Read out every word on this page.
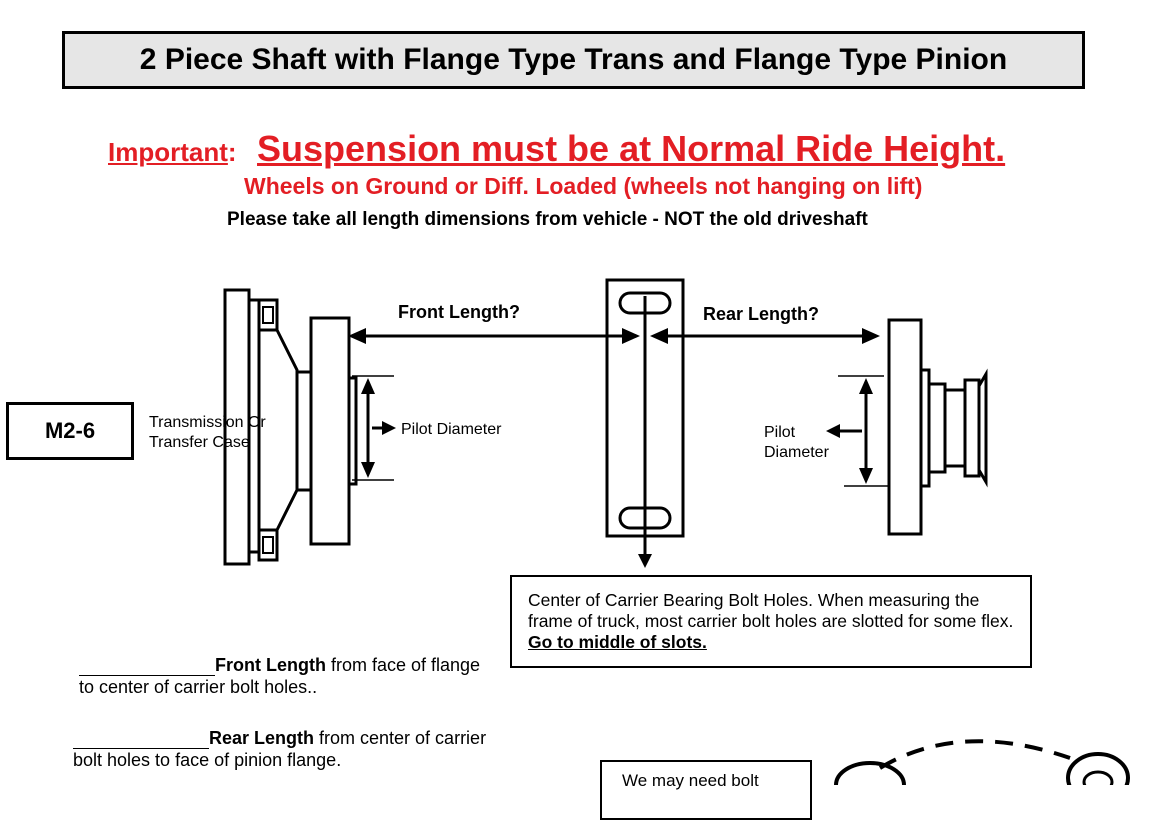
2 Piece Shaft with Flange Type Trans and Flange Type Pinion
Important: Suspension must be at Normal Ride Height.
Wheels on Ground or Diff. Loaded (wheels not hanging on lift)
Please take all length dimensions from vehicle - NOT the old driveshaft
M2-6
Front Length?	Rear Length?
Transmission Or Transfer Case
Pilot Diameter	Pilot Diameter
Center of Carrier Bearing Bolt Holes. When measuring the frame of truck, most carrier bolt holes are slotted for some flex. Go to middle of slots.
Front Length from face of flange to center of carrier bolt holes..
Rear Length from center of carrier bolt holes to face of pinion flange.
We may need bolt
